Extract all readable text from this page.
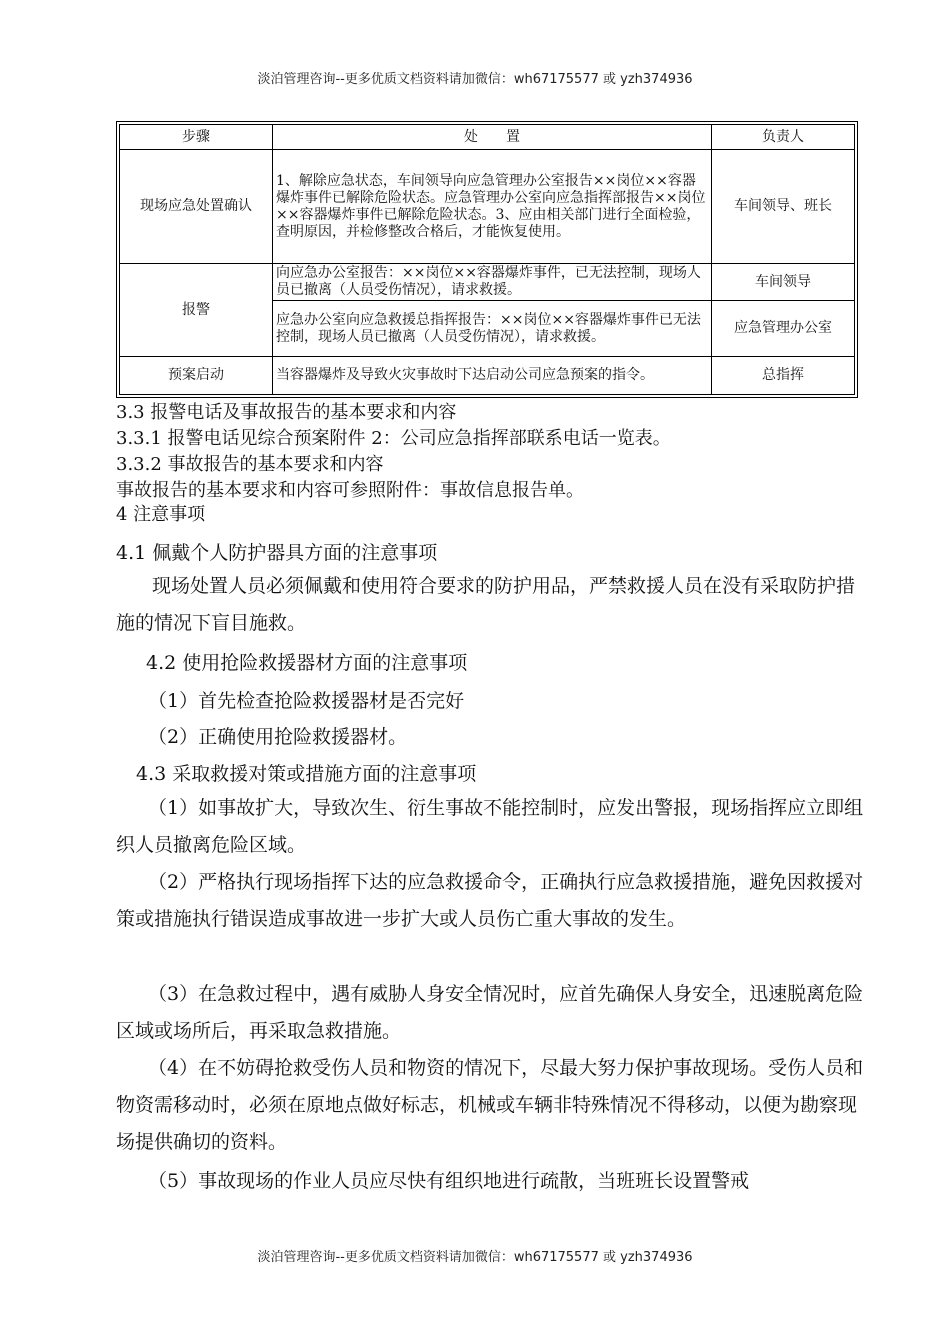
淡泊管理咨询--更多优质文档资料请加微信：wh67175577 或 yzh374936
步骤	处　　置	负责人
现场应急处置确认	1、解除应急状态，车间领导向应急管理办公室报告××岗位××容器爆炸事件已解除危险状态。应急管理办公室向应急指挥部报告××岗位××容器爆炸事件已解除危险状态。3、应由相关部门进行全面检验，查明原因，并检修整改合格后，才能恢复使用。	车间领导、班长
报警	向应急办公室报告：××岗位××容器爆炸事件，已无法控制，现场人员已撤离（人员受伤情况），请求救援。	车间领导
	应急办公室向应急救援总指挥报告：××岗位××容器爆炸事件已无法控制，现场人员已撤离（人员受伤情况），请求救援。	应急管理办公室
预案启动	当容器爆炸及导致火灾事故时下达启动公司应急预案的指令。	总指挥
3.3 报警电话及事故报告的基本要求和内容
3.3.1 报警电话见综合预案附件 2：公司应急指挥部联系电话一览表。
3.3.2 事故报告的基本要求和内容
事故报告的基本要求和内容可参照附件：事故信息报告单。
4 注意事项
4.1 佩戴个人防护器具方面的注意事项
现场处置人员必须佩戴和使用符合要求的防护用品，严禁救援人员在没有采取防护措施的情况下盲目施救。
4.2 使用抢险救援器材方面的注意事项
（1）首先检查抢险救援器材是否完好
（2）正确使用抢险救援器材。
4.3 采取救援对策或措施方面的注意事项
（1）如事故扩大，导致次生、衍生事故不能控制时，应发出警报，现场指挥应立即组织人员撤离危险区域。
（2）严格执行现场指挥下达的应急救援命令，正确执行应急救援措施，避免因救援对策或措施执行错误造成事故进一步扩大或人员伤亡重大事故的发生。
（3）在急救过程中，遇有威胁人身安全情况时，应首先确保人身安全，迅速脱离危险区域或场所后，再采取急救措施。
（4）在不妨碍抢救受伤人员和物资的情况下，尽最大努力保护事故现场。受伤人员和物资需移动时，必须在原地点做好标志，机械或车辆非特殊情况不得移动，以便为勘察现场提供确切的资料。
（5）事故现场的作业人员应尽快有组织地进行疏散，当班班长设置警戒
淡泊管理咨询--更多优质文档资料请加微信：wh67175577 或 yzh374936
